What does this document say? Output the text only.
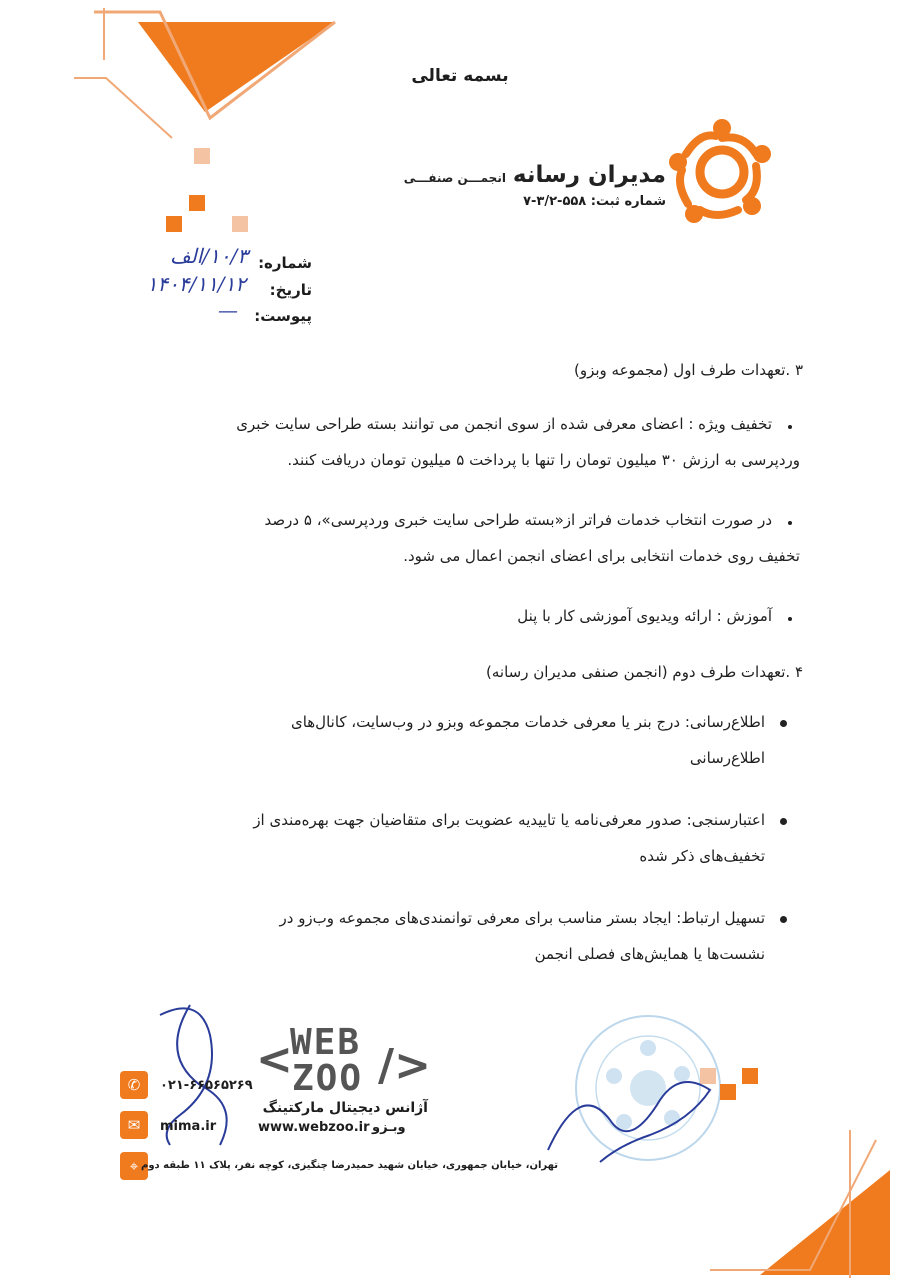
بسمه تعالی
مدیران رسانه انجمـــن صنفـــی
شماره ثبت: ۵۵۸-۳/۲-۷
شماره:
۱۰/۳/الف
تاریخ:
۱۴۰۴/۱۱/۱۲
پیوست:
—
۳ .تعهدات طرف اول (مجموعه وبزو)
تخفیف ویژه : اعضای معرفی شده از سوی انجمن می توانند بسته طراحی سایت خبری
وردپرسی به ارزش ۳۰ میلیون تومان را تنها با پرداخت ۵ میلیون تومان دریافت کنند.
در صورت انتخاب خدمات فراتر از«بسته طراحی سایت خبری وردپرسی»، ۵ درصد
تخفیف روی خدمات انتخابی برای اعضای انجمن اعمال می شود.
آموزش : ارائه ویدیوی آموزشی کار با پنل
۴ .تعهدات طرف دوم (انجمن صنفی مدیران رسانه)
اطلاع‌رسانی: درج بنر یا معرفی خدمات مجموعه وبزو در وب‌سایت، کانال‌های
اطلاع‌رسانی
اعتبارسنجی: صدور معرفی‌نامه یا تاییدیه عضویت برای متقاضیان جهت بهره‌مندی از
تخفیف‌های ذکر شده
تسهیل ارتباط: ایجاد بستر مناسب برای معرفی توانمندی‌های مجموعه وب‌زو در
نشست‌ها یا همایش‌های فصلی انجمن
✆
✉
⌖
۰۲۱-۶۶۵۶۵۲۶۹
mima.ir
WEB
ZOO
< />
آژانس دیجیتال مارکتینگ
www.webzoo.ir وبـزو
تهران، خیابان جمهوری، خیابان شهید حمیدرضا چنگیزی، کوچه نفر، پلاک ۱۱ طبقه دوم
